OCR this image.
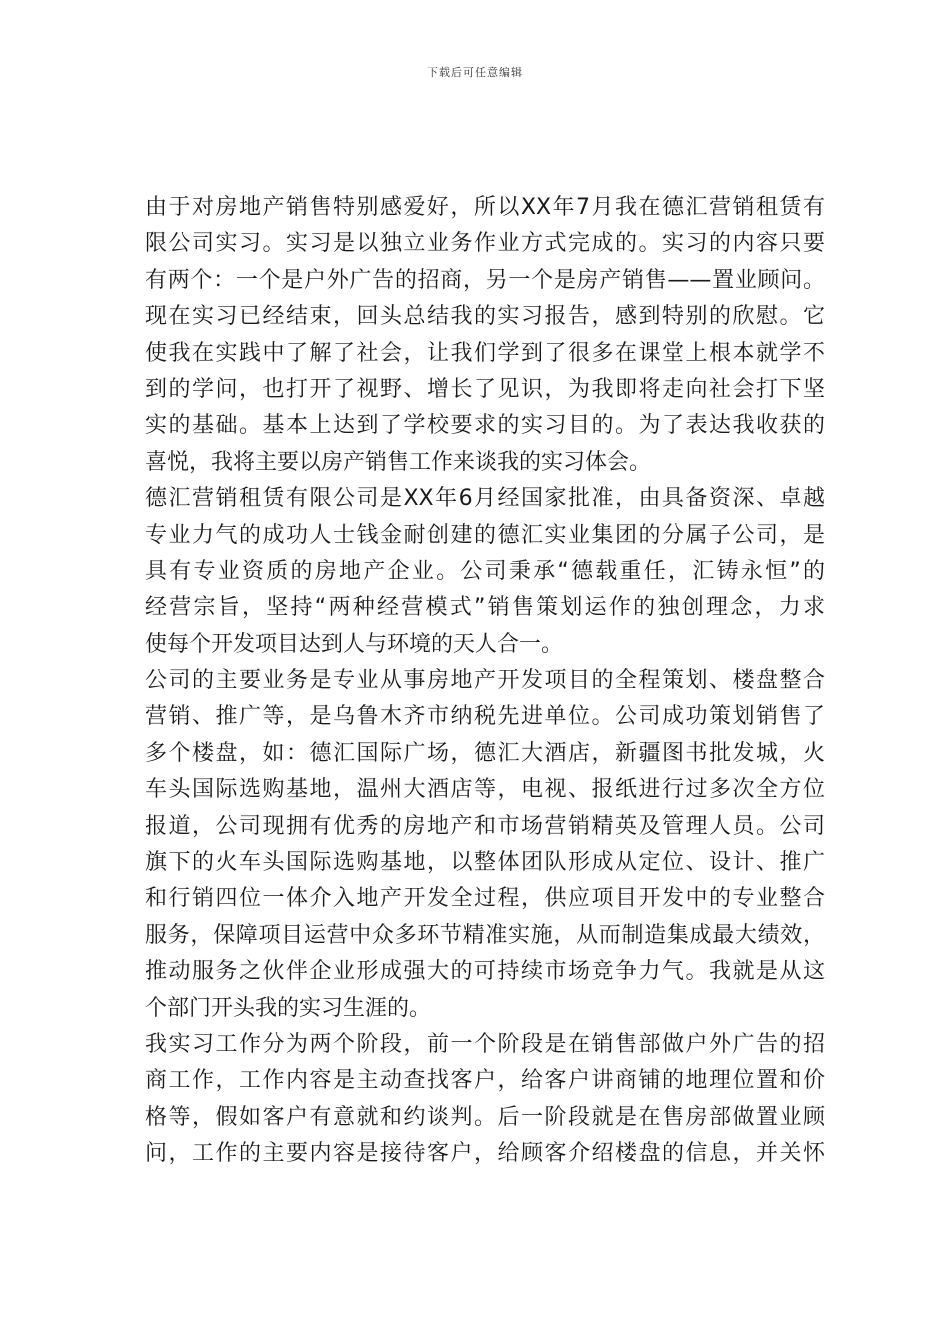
下载后可任意编辑
由于对房地产销售特别感爱好，所以XX年7月我在德汇营销租赁有
限公司实习。实习是以独立业务作业方式完成的。实习的内容只要
有两个：一个是户外广告的招商，另一个是房产销售——置业顾问。
现在实习已经结束，回头总结我的实习报告，感到特别的欣慰。它
使我在实践中了解了社会，让我们学到了很多在课堂上根本就学不
到的学问，也打开了视野、增长了见识，为我即将走向社会打下坚
实的基础。基本上达到了学校要求的实习目的。为了表达我收获的
喜悦，我将主要以房产销售工作来谈我的实习体会。
德汇营销租赁有限公司是XX年6月经国家批准，由具备资深、卓越
专业力气的成功人士钱金耐创建的德汇实业集团的分属子公司，是
具有专业资质的房地产企业。公司秉承“德载重任，汇铸永恒”的
经营宗旨，坚持“两种经营模式”销售策划运作的独创理念，力求
使每个开发项目达到人与环境的天人合一。
公司的主要业务是专业从事房地产开发项目的全程策划、楼盘整合
营销、推广等，是乌鲁木齐市纳税先进单位。公司成功策划销售了
多个楼盘，如：德汇国际广场，德汇大酒店，新疆图书批发城，火
车头国际选购基地，温州大酒店等，电视、报纸进行过多次全方位
报道，公司现拥有优秀的房地产和市场营销精英及管理人员。公司
旗下的火车头国际选购基地，以整体团队形成从定位、设计、推广
和行销四位一体介入地产开发全过程，供应项目开发中的专业整合
服务，保障项目运营中众多环节精准实施，从而制造集成最大绩效，
推动服务之伙伴企业形成强大的可持续市场竞争力气。我就是从这
个部门开头我的实习生涯的。
我实习工作分为两个阶段，前一个阶段是在销售部做户外广告的招
商工作，工作内容是主动查找客户，给客户讲商铺的地理位置和价
格等，假如客户有意就和约谈判。后一阶段就是在售房部做置业顾
问，工作的主要内容是接待客户，给顾客介绍楼盘的信息，并关怀
